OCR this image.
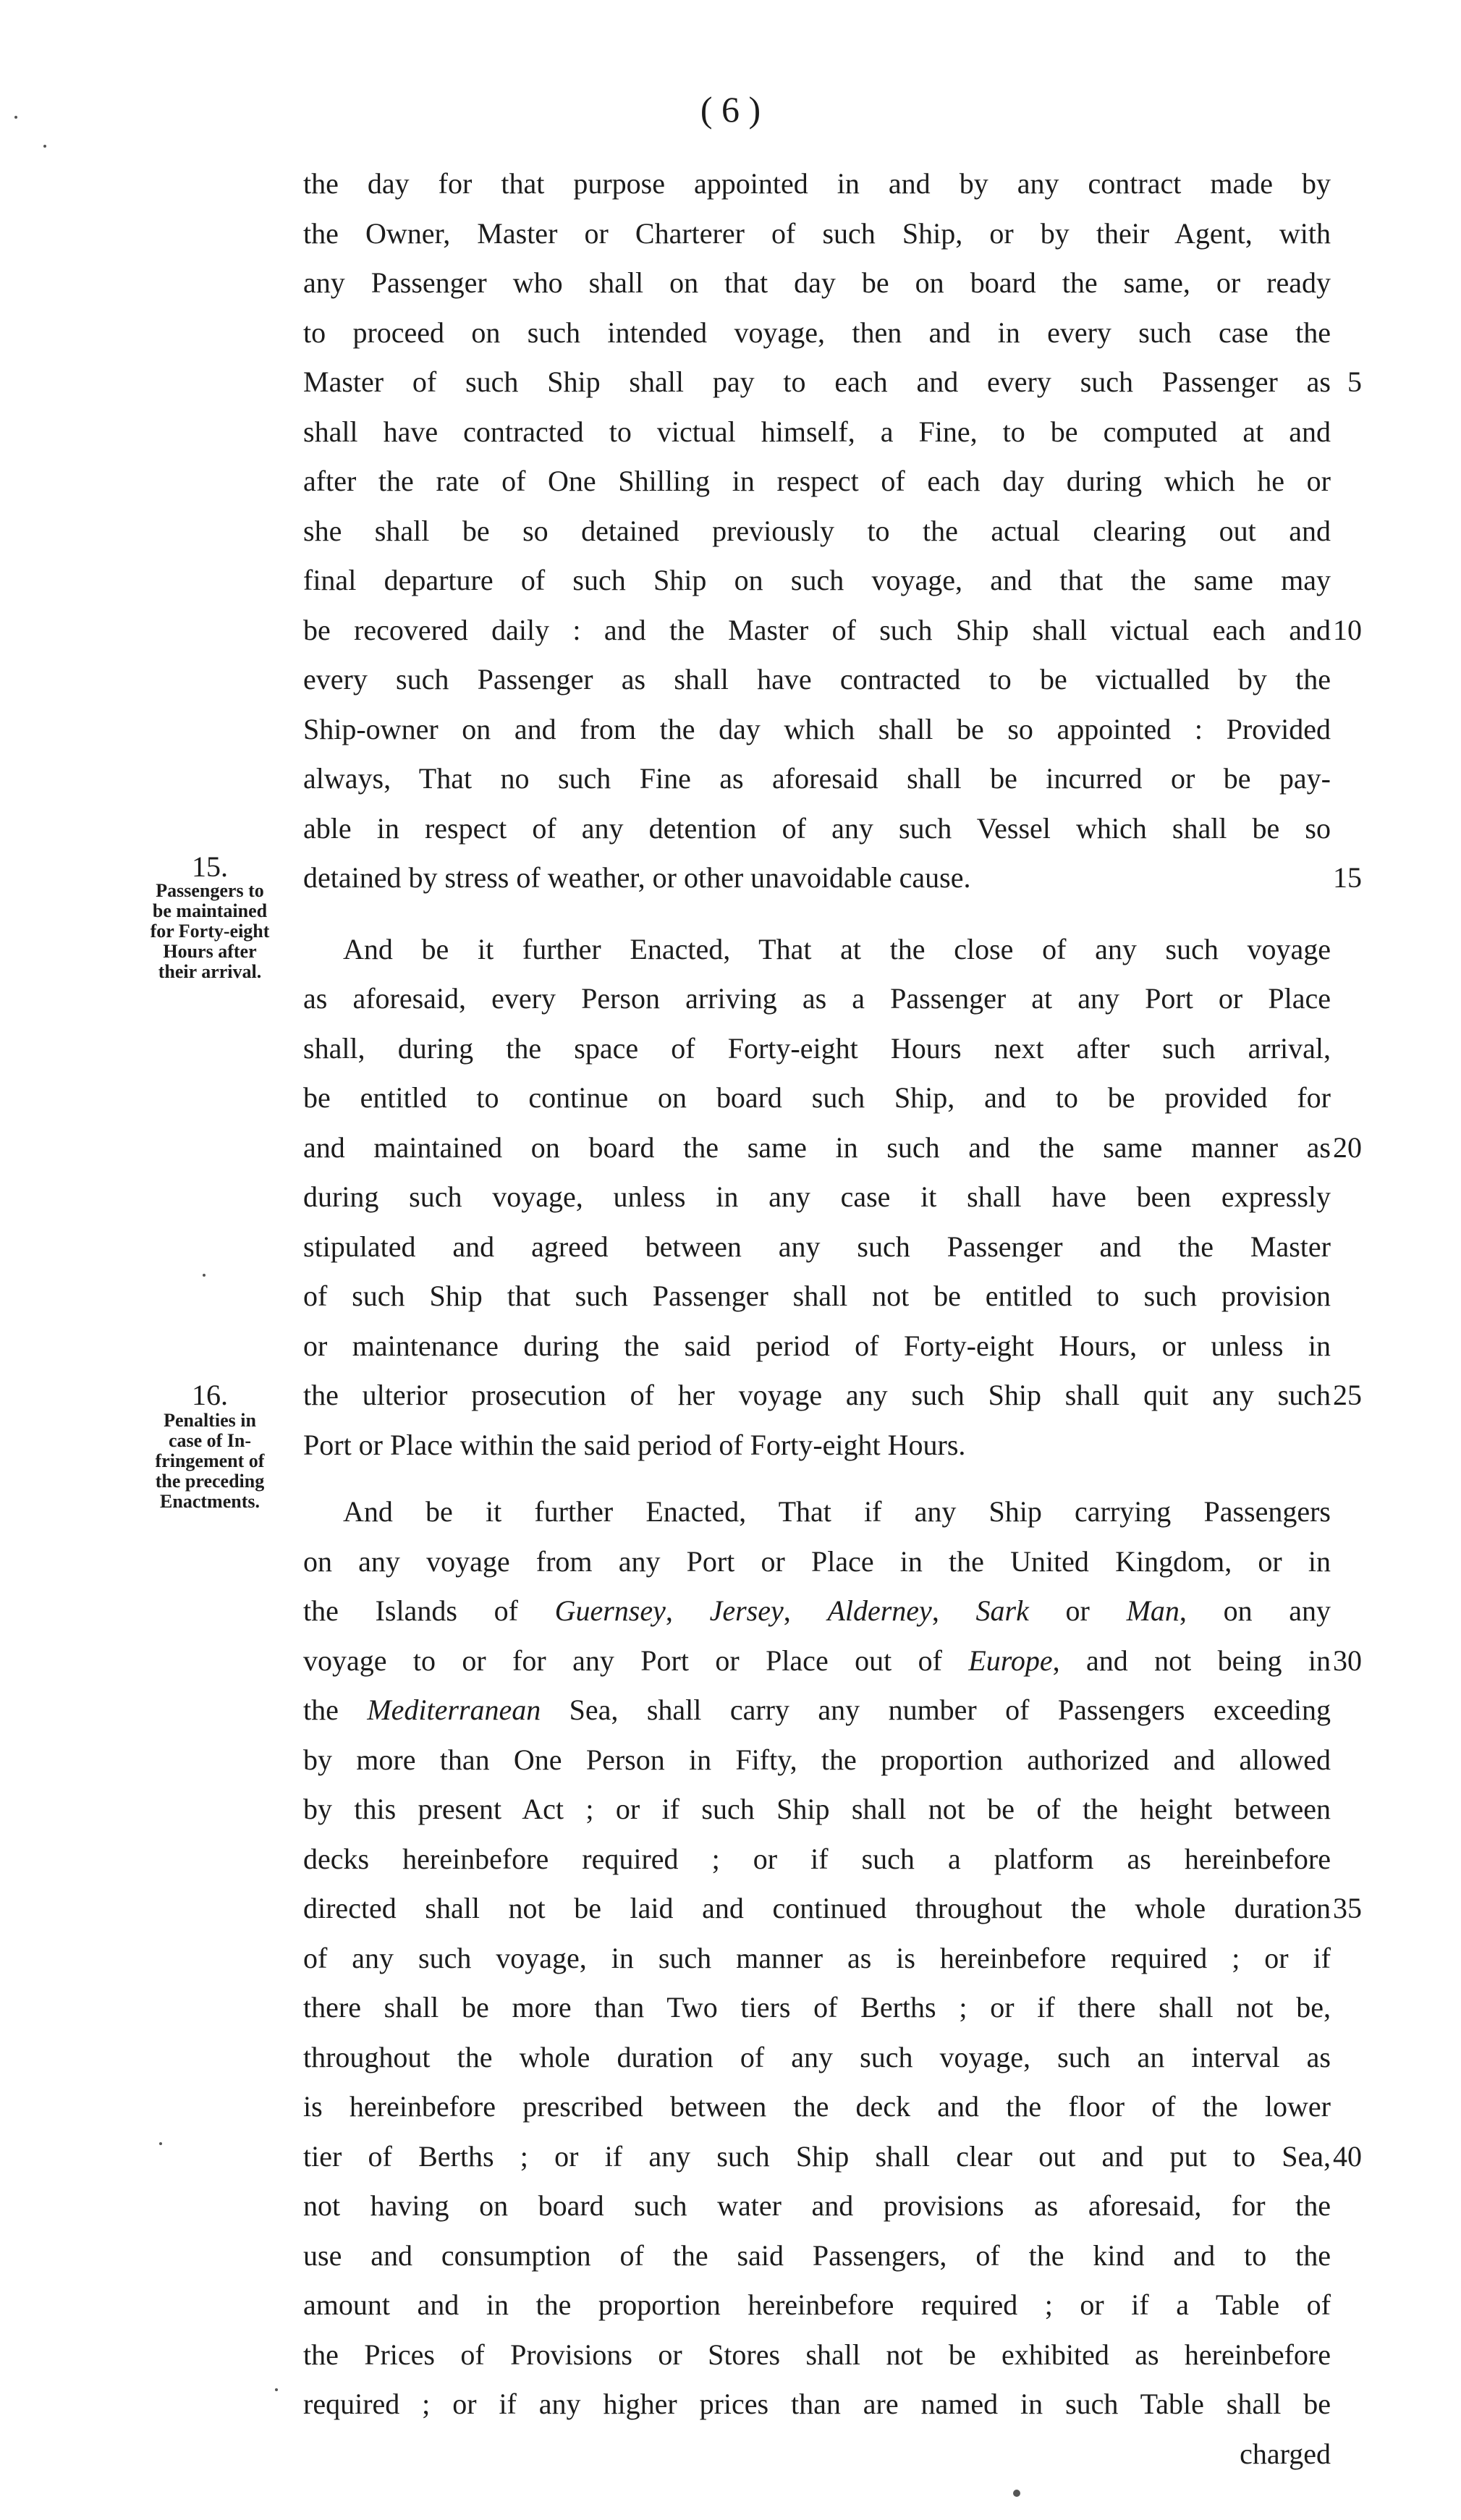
( 6 )
the day for that purpose appointed in and by any contract made by
the Owner, Master or Charterer of such Ship, or by their Agent, with
any Passenger who shall on that day be on board the same, or ready
to proceed on such intended voyage, then and in every such case the
Master of such Ship shall pay to each and every such Passenger as
shall have contracted to victual himself, a Fine, to be computed at and
after the rate of One Shilling in respect of each day during which he or
she shall be so detained previously to the actual clearing out and
final departure of such Ship on such voyage, and that the same may
be recovered daily : and the Master of such Ship shall victual each and
every such Passenger as shall have contracted to be victualled by the
Ship-owner on and from the day which shall be so appointed : Provided
always, That no such Fine as aforesaid shall be incurred or be pay-
able in respect of any detention of any such Vessel which shall be so
detained by stress of weather, or other unavoidable cause.
And be it further Enacted, That at the close of any such voyage
as aforesaid, every Person arriving as a Passenger at any Port or Place
shall, during the space of Forty-eight Hours next after such arrival,
be entitled to continue on board such Ship, and to be provided for
and maintained on board the same in such and the same manner as
during such voyage, unless in any case it shall have been expressly
stipulated and agreed between any such Passenger and the Master
of such Ship that such Passenger shall not be entitled to such provision
or maintenance during the said period of Forty-eight Hours, or unless in
the ulterior prosecution of her voyage any such Ship shall quit any such
Port or Place within the said period of Forty-eight Hours.
And be it further Enacted, That if any Ship carrying Passengers
on any voyage from any Port or Place in the United Kingdom, or in
the Islands of Guernsey, Jersey, Alderney, Sark or Man, on any
voyage to or for any Port or Place out of Europe, and not being in
the Mediterranean Sea, shall carry any number of Passengers exceeding
by more than One Person in Fifty, the proportion authorized and allowed
by this present Act ; or if such Ship shall not be of the height between
decks hereinbefore required ; or if such a platform as hereinbefore
directed shall not be laid and continued throughout the whole duration
of any such voyage, in such manner as is hereinbefore required ; or if
there shall be more than Two tiers of Berths ; or if there shall not be,
throughout the whole duration of any such voyage, such an interval as
is hereinbefore prescribed between the deck and the floor of the lower
tier of Berths ; or if any such Ship shall clear out and put to Sea,
not having on board such water and provisions as aforesaid, for the
use and consumption of the said Passengers, of the kind and to the
amount and in the proportion hereinbefore required ; or if a Table of
the Prices of Provisions or Stores shall not be exhibited as hereinbefore
required ; or if any higher prices than are named in such Table shall be
charged
5
10
15
20
25
30
35
40
15.
Passengers to
be maintained
for Forty-eight
Hours after
their arrival.
16.
Penalties in
case of In-
fringement of
the preceding
Enactments.
